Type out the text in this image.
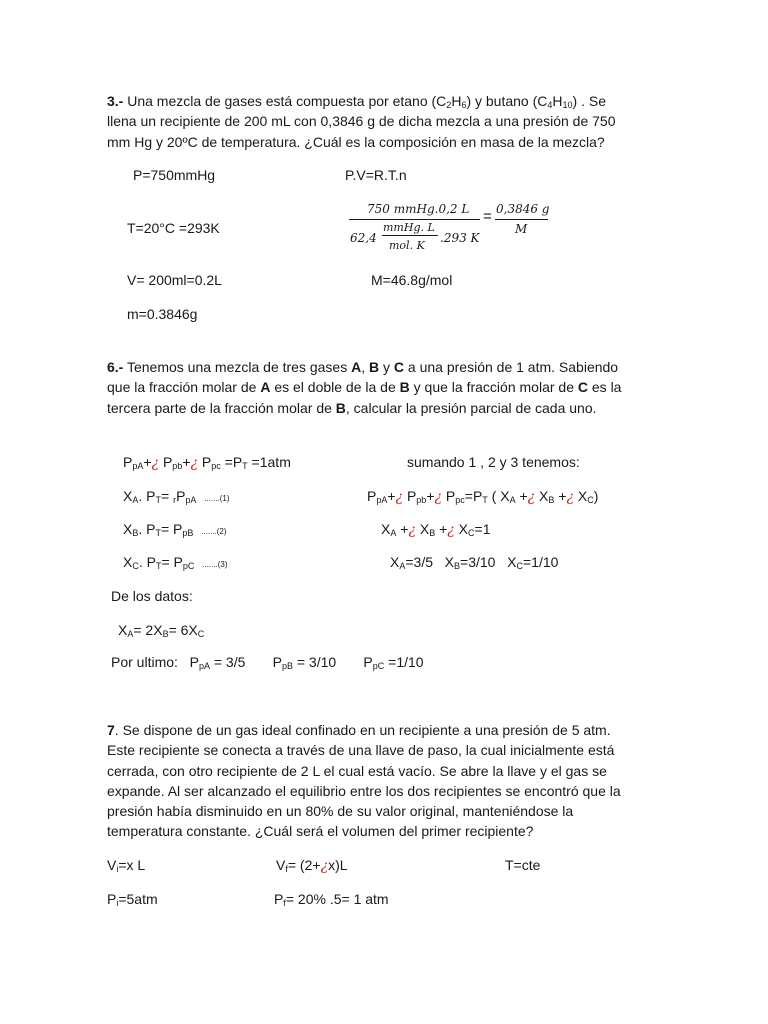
3.- Una mezcla de gases está compuesta por etano $(C_2H_6)$ y butano $(C_4H_{10})$ . Se
llena un recipiente de 200 mL con 0,3846 g de dicha mezcla a una presión de 750
mm Hg y 20ºC de temperatura. ¿Cuál es la composición en masa de la mezcla?
P=750mmHg	P.V=R.T.n
T=20°C =293K
V= 200ml=0.2L	M=46.8g/mol
m=0.3846g
750 mmHg.0,2 L
62,4
mmHg. L
mol. K
.293 K
= 0,3846 g
M
6.- Tenemos una mezcla de tres gases A, B y C a una presión de 1 atm. Sabiendo
que la fracción molar de A es el doble de la de B y que la fracción molar de C es la
tercera parte de la fracción molar de B, calcular la presión parcial de cada uno.
$P_{pA}+¿$ $P_{pb}+¿$ $P_{pc} =P_T =1atm$	sumando 1 , 2 y 3 tenemos:
$X_A$. $P_T= _rP_{pA}$ .......(1)	$P_{pA}+¿$ $P_{pb}+¿$ $P_{pc}=P_T$ ( $X_A$ +¿ $X_B$ +¿ $X_C$)
$X_B$. $P_T= P_{pB}$ .......(2)	$X_A$ +¿ $X_B$ +¿ $X_C=1$
$X_C$. $P_T= P_{pC}$ .......(3)	$X_A=3/5$   $X_B=3/10$   $X_C=1/10$
De los datos:
$X_A= 2X_B= 6X_C$
Por ultimo:   $P_{pA} = 3/5$       $P_{pB} = 3/10$       $P_{pC} =1/10$
7. Se dispone de un gas ideal confinado en un recipiente a una presión de 5 atm.
Este recipiente se conecta a través de una llave de paso, la cual inicialmente está
cerrada, con otro recipiente de 2 L el cual está vacío. Se abre la llave y el gas se
expande. Al ser alcanzado el equilibrio entre los dos recipientes se encontró que la
presión había disminuido en un 80% de su valor original, manteniéndose la
temperatura constante. ¿Cuál será el volumen del primer recipiente?
$V_i=x$ L	$V_f=$ (2+¿x)L	T=cte
$P_i=5atm$	$P_f= 20\%$ .5= 1 atm
